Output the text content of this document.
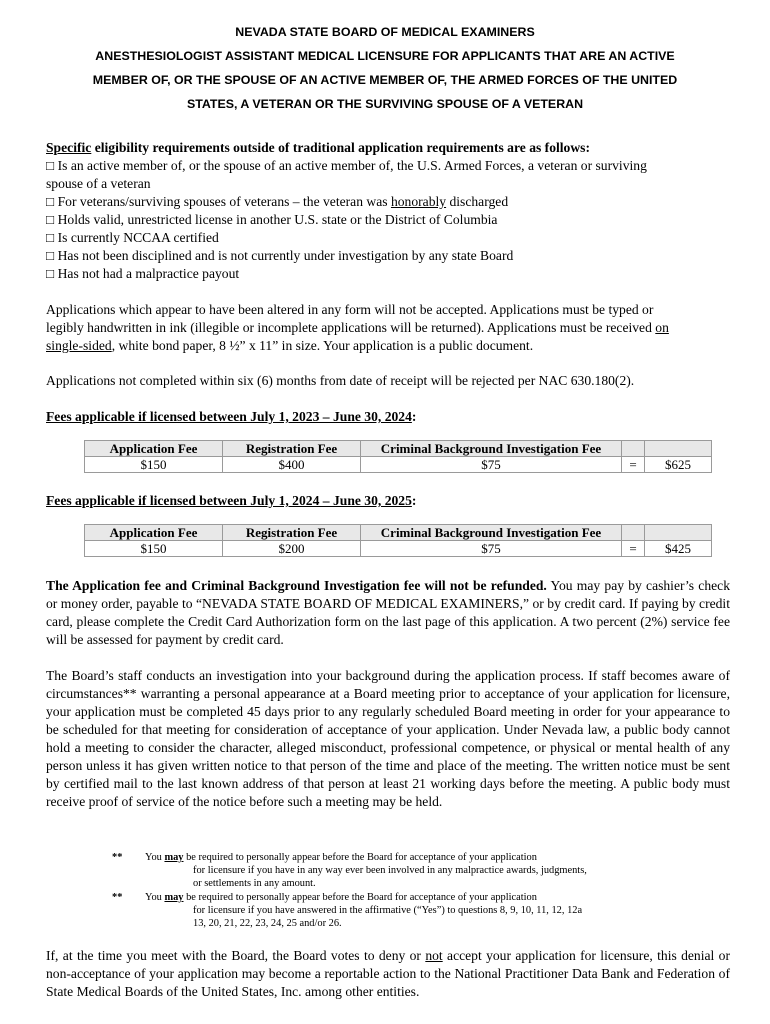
NEVADA STATE BOARD OF MEDICAL EXAMINERS
ANESTHESIOLOGIST ASSISTANT MEDICAL LICENSURE FOR APPLICANTS THAT ARE AN ACTIVE
MEMBER OF, OR THE SPOUSE OF AN ACTIVE MEMBER OF, THE ARMED FORCES OF THE UNITED
STATES, A VETERAN OR THE SURVIVING SPOUSE OF A VETERAN
Specific eligibility requirements outside of traditional application requirements are as follows:
□ Is an active member of, or the spouse of an active member of, the U.S. Armed Forces, a veteran or surviving
spouse of a veteran
□ For veterans/surviving spouses of veterans – the veteran was honorably discharged
□ Holds valid, unrestricted license in another U.S. state or the District of Columbia
□ Is currently NCCAA certified
□ Has not been disciplined and is not currently under investigation by any state Board
□ Has not had a malpractice payout
Applications which appear to have been altered in any form will not be accepted. Applications must be typed or
legibly handwritten in ink (illegible or incomplete applications will be returned). Applications must be received on
single-sided, white bond paper, 8 ½” x 11” in size. Your application is a public document.
Applications not completed within six (6) months from date of receipt will be rejected per NAC 630.180(2).
Fees applicable if licensed between July 1, 2023 – June 30, 2024:
Application Fee	Registration Fee	Criminal Background Investigation Fee		
$150	$400	$75	=	$625
Fees applicable if licensed between July 1, 2024 – June 30, 2025:
Application Fee	Registration Fee	Criminal Background Investigation Fee		
$150	$200	$75	=	$425
The Application fee and Criminal Background Investigation fee will not be refunded. You may pay by cashier’s check or money order, payable to “NEVADA STATE BOARD OF MEDICAL EXAMINERS,” or by credit card. If paying by credit card, please complete the Credit Card Authorization form on the last page of this application. A two percent (2%) service fee will be assessed for payment by credit card.
The Board’s staff conducts an investigation into your background during the application process. If staff becomes aware of circumstances** warranting a personal appearance at a Board meeting prior to acceptance of your application for licensure, your application must be completed 45 days prior to any regularly scheduled Board meeting in order for your appearance to be scheduled for that meeting for consideration of acceptance of your application. Under Nevada law, a public body cannot hold a meeting to consider the character, alleged misconduct, professional competence, or physical or mental health of any person unless it has given written notice to that person of the time and place of the meeting. The written notice must be sent by certified mail to the last known address of that person at least 21 working days before the meeting. A public body must receive proof of service of the notice before such a meeting may be held.
** You may be required to personally appear before the Board for acceptance of your application
for licensure if you have in any way ever been involved in any malpractice awards, judgments,
or settlements in any amount.
** You may be required to personally appear before the Board for acceptance of your application
for licensure if you have answered in the affirmative (“Yes”) to questions 8, 9, 10, 11, 12, 12a
13, 20, 21, 22, 23, 24, 25 and/or 26.
If, at the time you meet with the Board, the Board votes to deny or not accept your application for licensure, this denial or non-acceptance of your application may become a reportable action to the National Practitioner Data Bank and Federation of State Medical Boards of the United States, Inc. among other entities.
